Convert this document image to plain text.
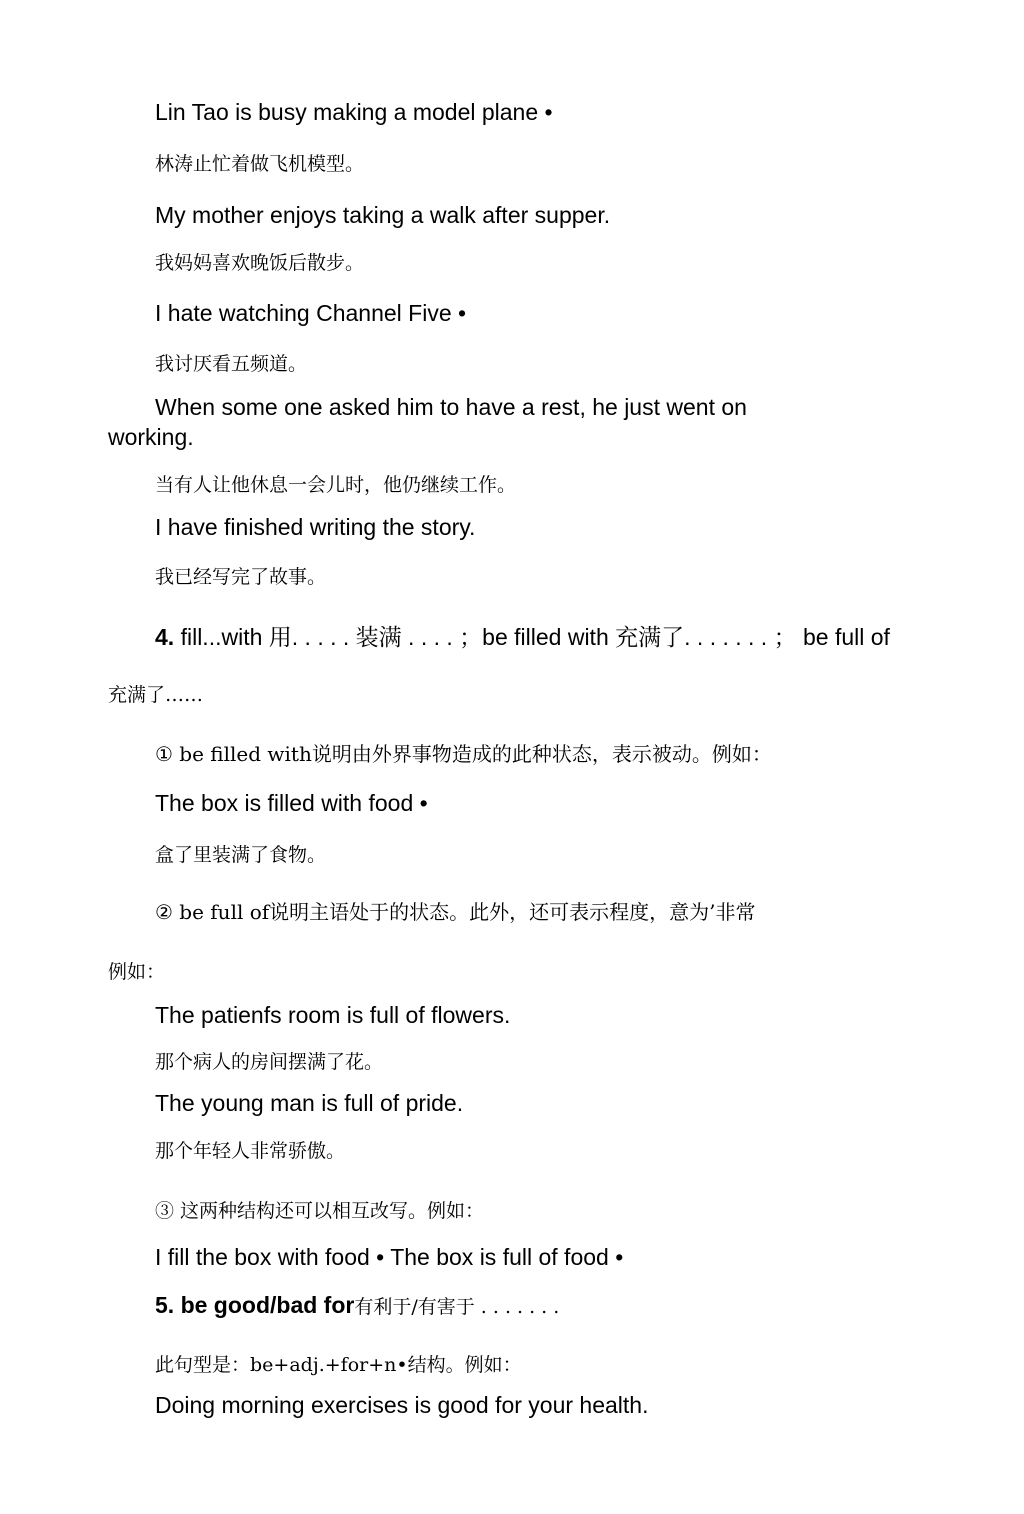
Lin Tao is busy making a model plane •
林涛止忙着做飞机模型。
My mother enjoys taking a walk after supper.
我妈妈喜欢晚饭后散步。
I hate watching Channel Five •
我讨厌看五频道。
When some one asked him to have a rest, he just went on
working.
当有人让他休息一会儿时，他仍继续工作。
I have finished writing the story.
我已经写完了故事。
4. fill...with 用. . . . . 装满 . . . . ；be filled with 充满了. . . . . . . ； be full of
充满了……
① be filled with说明由外界事物造成的此种状态，表示被动。例如：
The box is filled with food •
盒了里装满了食物。
② be full of说明主语处于的状态。此外，还可表示程度，意为’非常
例如：
The patienfs room is full of flowers.
那个病人的房间摆满了花。
The young man is full of pride.
那个年轻人非常骄傲。
③ 这两种结构还可以相互改写。例如：
I fill the box with food • The box is full of food •
5. be good/bad for有利于/有害于 . . . . . . .
此句型是：be+adj.+for+n•结构。例如：
Doing morning exercises is good for your health.
